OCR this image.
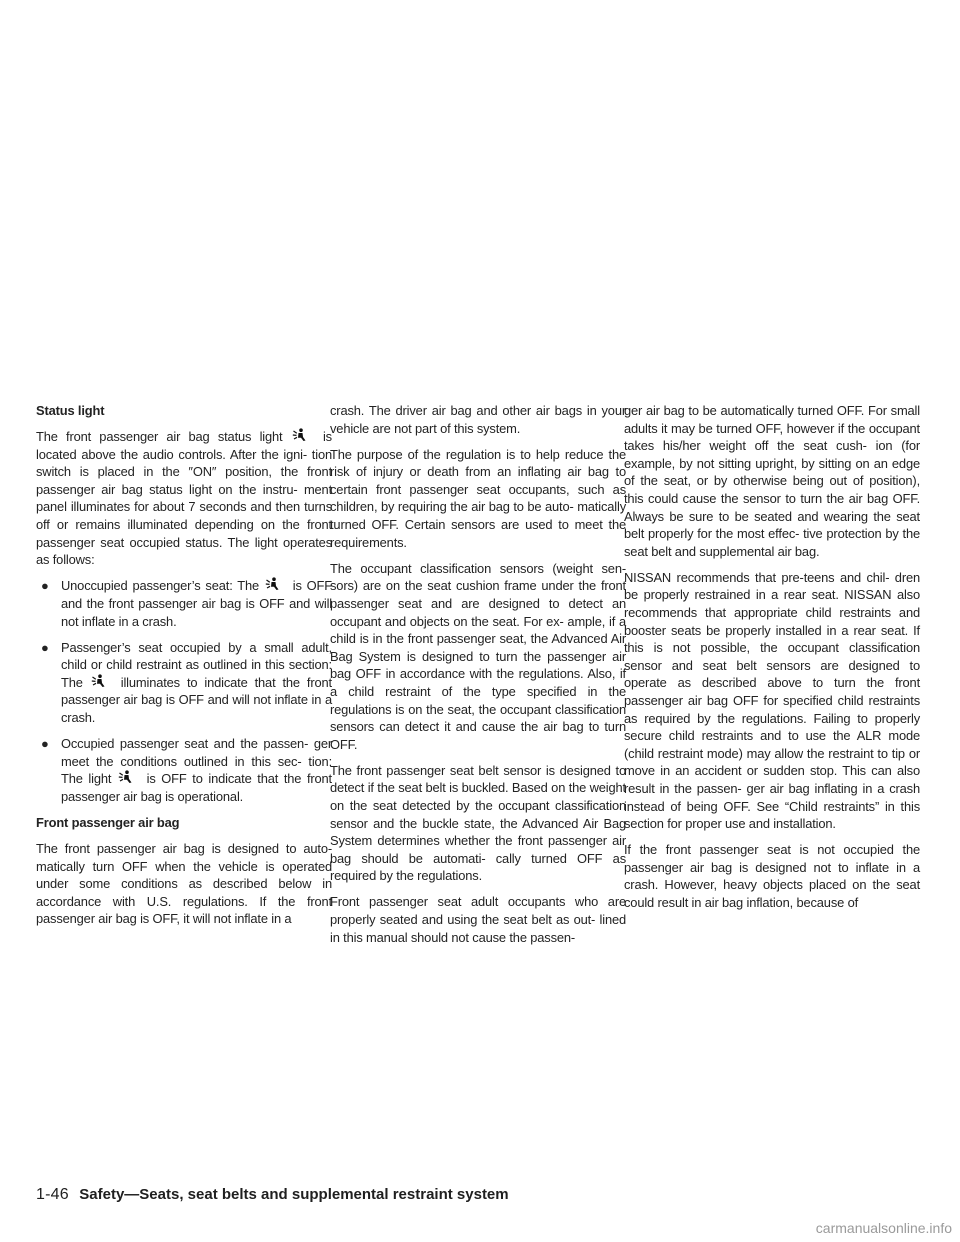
Status light

The front passenger air bag status light	is located above the audio controls. After the igni- tion switch is placed in the ″ON″ position, the front passenger air bag status light on the instru- ment panel illuminates for about 7 seconds and then turns off or remains illuminated depending on the front passenger seat occupied status. The light operates as follows:

● Unoccupied passenger’s seat: The	is OFF and the front passenger air bag is OFF and will not inflate in a crash.
● Passenger’s seat occupied by a small adult, child or child restraint as outlined in this section: The	illuminates to indicate that the front passenger air bag is OFF and will not inflate in a crash.
● Occupied passenger seat and the passen- ger meet the conditions outlined in this sec- tion: The light	is OFF to indicate that the front passenger air bag is operational.
Front passenger air bag

The front passenger air bag is designed to auto- matically turn OFF when the vehicle is operated under some conditions as described below in accordance with U.S. regulations. If the front passenger air bag is OFF, it will not inflate in a

crash. The driver air bag and other air bags in your vehicle are not part of this system.

The purpose of the regulation is to help reduce the risk of injury or death from an inflating air bag to certain front passenger seat occupants, such as children, by requiring the air bag to be auto- matically turned OFF. Certain sensors are used to meet the requirements.

The occupant classification sensors (weight sen- sors) are on the seat cushion frame under the front passenger seat and are designed to detect an occupant and objects on the seat. For ex- ample, if a child is in the front passenger seat, the Advanced Air Bag System is designed to turn the passenger air bag OFF in accordance with the regulations. Also, if a child restraint of the type specified in the regulations is on the seat, the occupant classification sensors can detect it and cause the air bag to turn OFF.

The front passenger seat belt sensor is designed to detect if the seat belt is buckled. Based on the weight on the seat detected by the occupant classification sensor and the buckle state, the Advanced Air Bag System determines whether the front passenger air bag should be automati- cally turned OFF as required by the regulations.

Front passenger seat adult occupants who are properly seated and using the seat belt as out- lined in this manual should not cause the passen-

ger air bag to be automatically turned OFF. For small adults it may be turned OFF, however if the occupant takes his/her weight off the seat cush- ion (for example, by not sitting upright, by sitting on an edge of the seat, or by otherwise being out of position), this could cause the sensor to turn the air bag OFF. Always be sure to be seated and wearing the seat belt properly for the most effec- tive protection by the seat belt and supplemental air bag.

NISSAN recommends that pre-teens and chil- dren be properly restrained in a rear seat. NISSAN also recommends that appropriate child restraints and booster seats be properly installed in a rear seat. If this is not possible, the occupant classification sensor and seat belt sensors are designed to operate as described above to turn the front passenger air bag OFF for specified child restraints as required by the regulations. Failing to properly secure child restraints and to use the ALR mode (child restraint mode) may allow the restraint to tip or move in an accident or sudden stop. This can also result in the passen- ger air bag inflating in a crash instead of being OFF. See “Child restraints” in this section for proper use and installation.

If the front passenger seat is not occupied the passenger air bag is designed not to inflate in a crash. However, heavy objects placed on the seat could result in air bag inflation, because of

1-46 Safety—Seats, seat belts and supplemental restraint system
carmanualsonline.info
